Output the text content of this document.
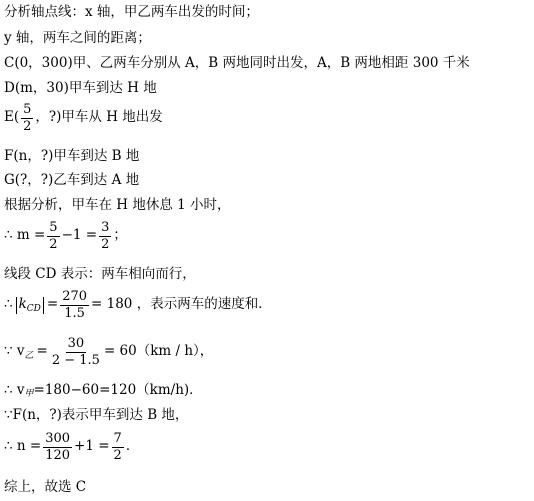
分析轴点线：x 轴，甲乙两车出发的时间；
y 轴，两车之间的距离；
C(0，300)甲、乙两车分别从 A，B 两地同时出发，A，B 两地相距 300 千米
D(m，30)甲车到达 H 地
$E( \frac{5}{2}$ ，?)甲车从 H 地出发
F(n，?)甲车到达 B 地
G(?，?)乙车到达 A 地
根据分析，甲车在 H 地休息 1 小时，
∴ $m = \frac{5}{2} -1 = \frac{3}{2}$ ；
线段 CD 表示：两车相向而行，
∴ k CD = $\frac{270}{1.5} = 180$ ，表示两车的速度和．
∵ v 乙 = $\frac{30}{2 - 1.5} = 60(km / h)$，
∴ v 甲 =180−60=120（km/h)．
∵F(n，?)表示甲车到达 B 地，
∴ $n = \frac{300}{120} +1 = \frac{7}{2}$ ．
综上，故选 C
